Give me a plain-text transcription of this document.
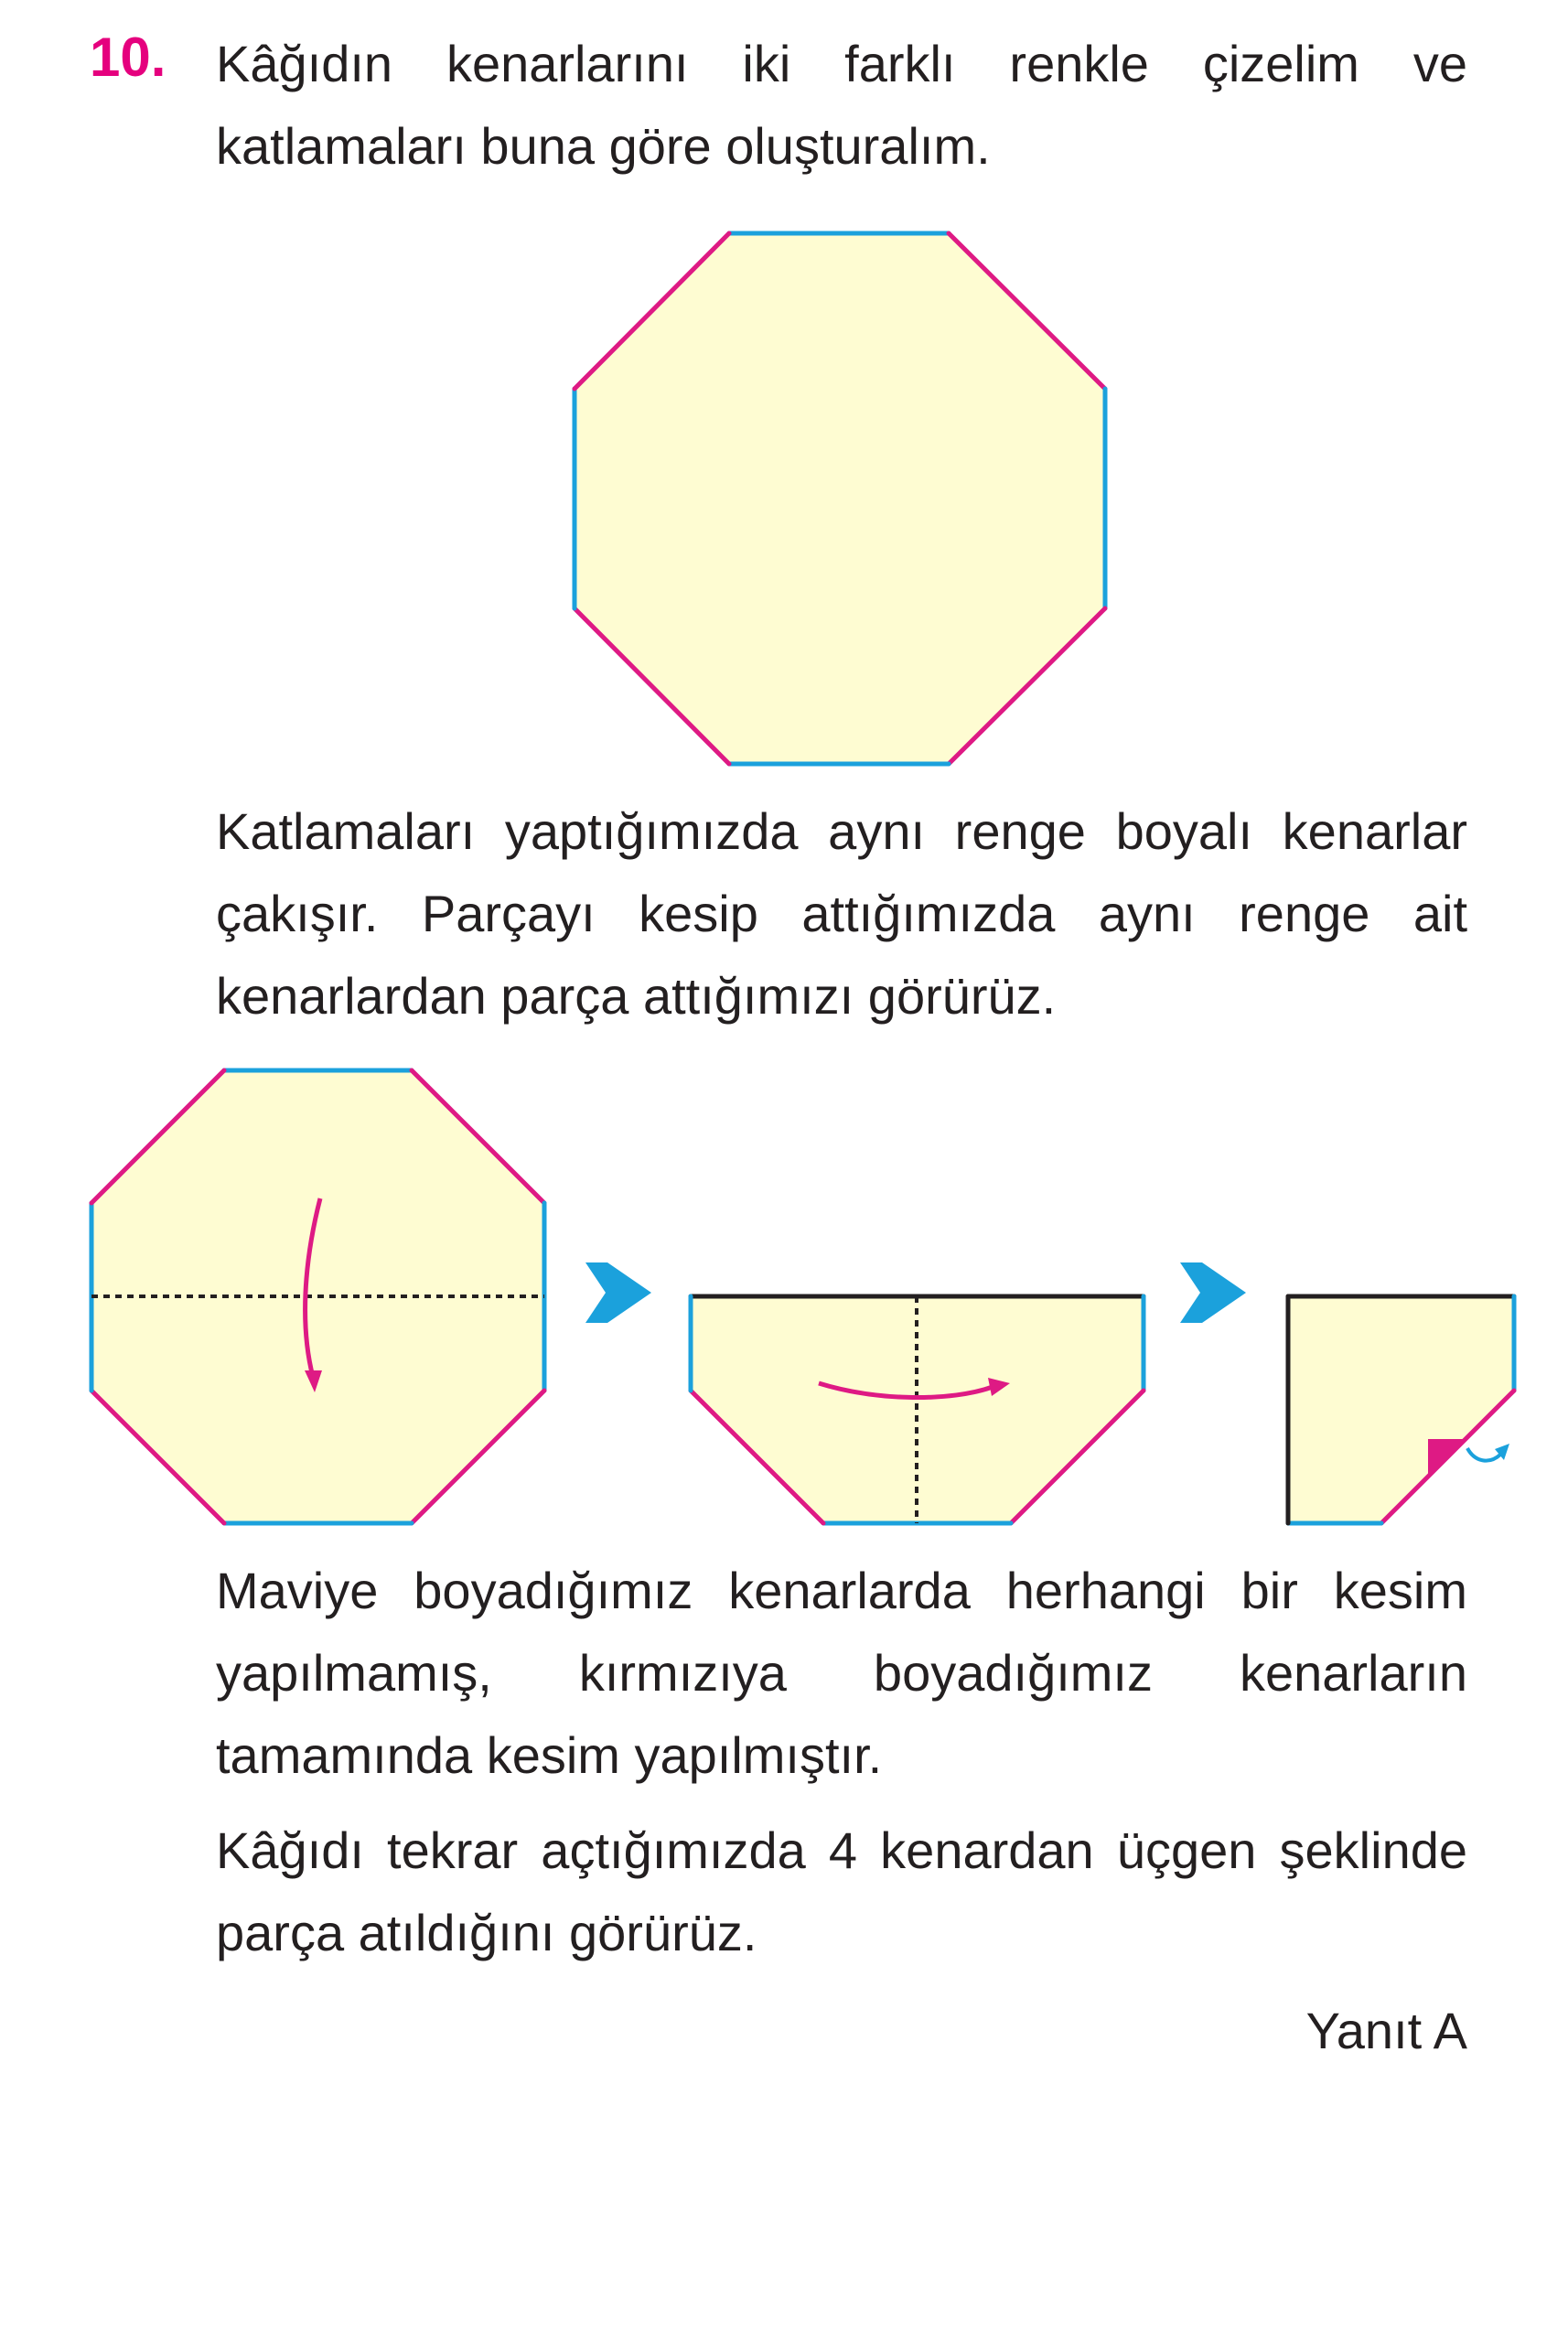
10. Kâğıdın kenarlarını iki farklı renkle çizelim ve katlamaları buna göre oluşturalım.
Katlamaları yaptığımızda aynı renge boyalı kenarlar çakışır. Parçayı kesip attığımızda aynı renge ait kenarlardan parça attığımızı görürüz.
Maviye boyadığımız kenarlarda herhangi bir kesim yapılmamış, kırmızıya boyadığımız kenarların tamamında kesim yapılmıştır.
Kâğıdı tekrar açtığımızda 4 kenardan üçgen şeklinde parça atıldığını görürüz.
Yanıt A
